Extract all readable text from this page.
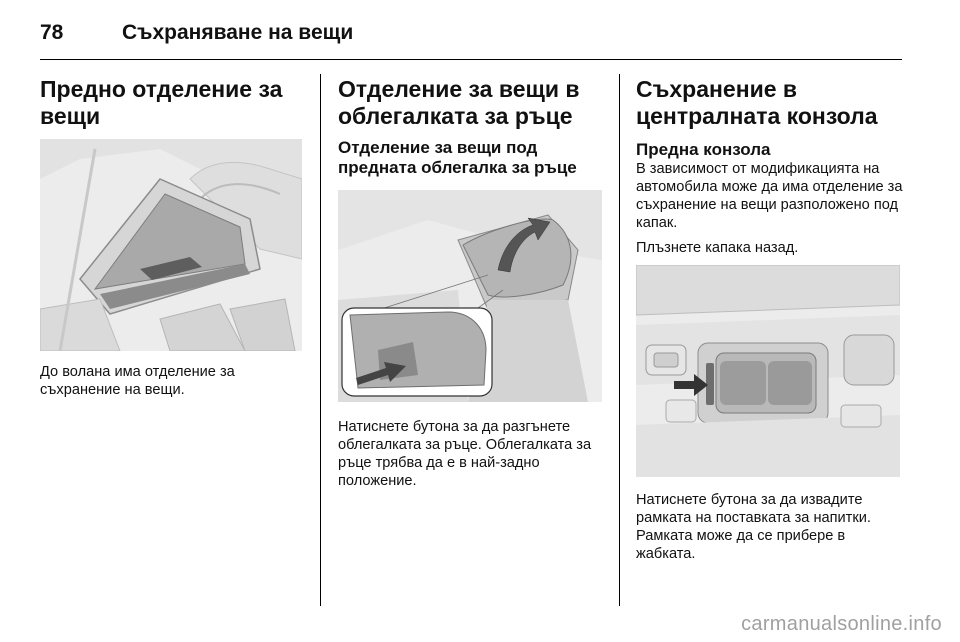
78	Съхраняване на вещи
Предно отделение за вещи

До волана има отделение за съхранение на вещи.

Отделение за вещи в облегалката за ръце
Отделение за вещи под предната облегалка за ръце

Натиснете бутона за да разгънете облегалката за ръце. Облегалката за ръце трябва да е в най-задно положение.

Съхранение в централната конзола
Предна конзола

В зависимост от модификацията на автомобила може да има отделение за съхранение на вещи разположено под капак.

Плъзнете капака назад.

Натиснете бутона за да извадите рамката на поставката за напитки. Рамката може да се прибере в жабката.

carmanualsonline.info
